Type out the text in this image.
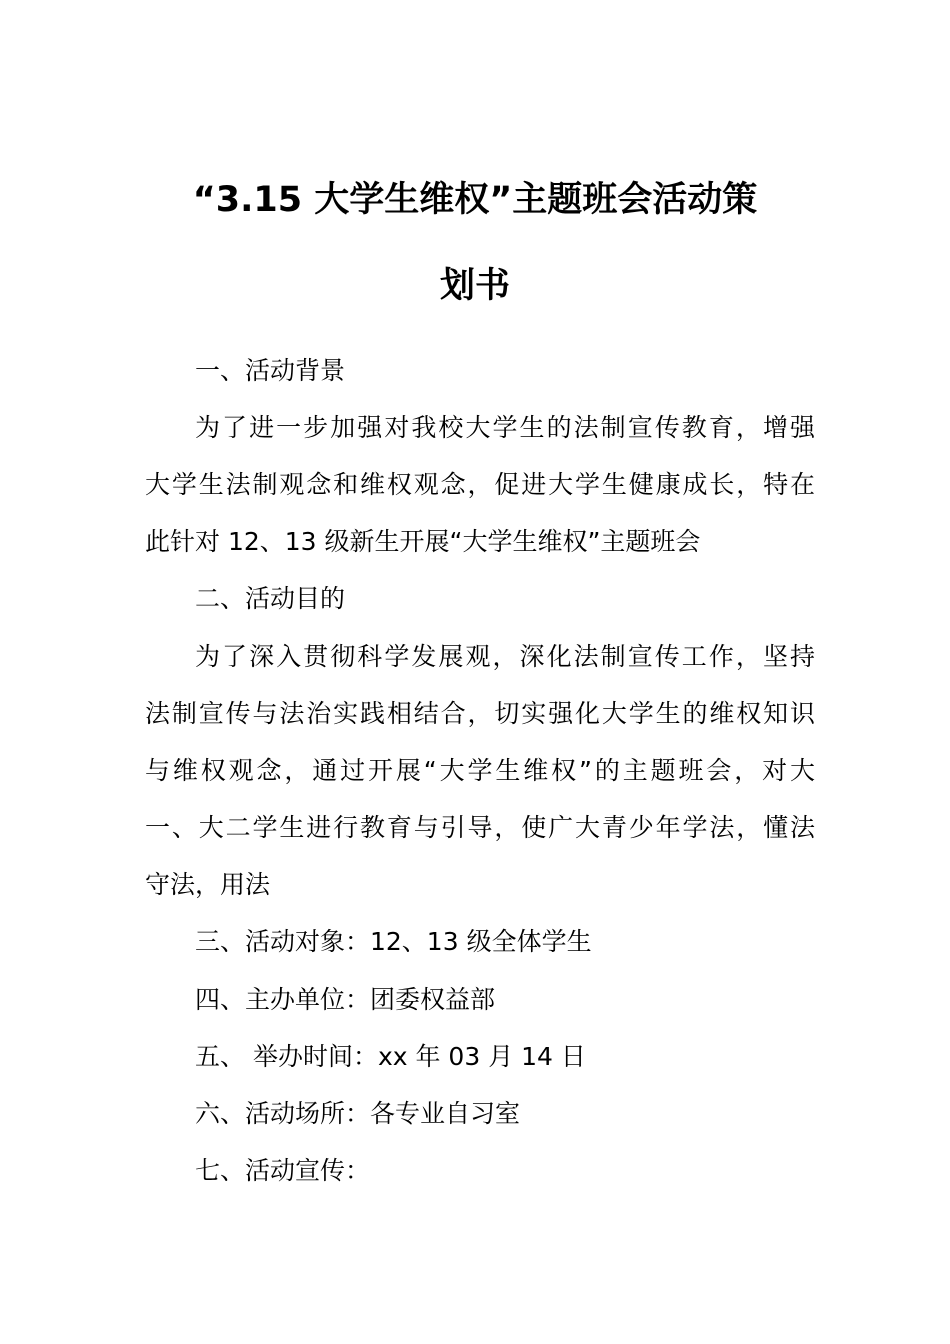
“3.15 大学生维权”主题班会活动策
划书
一、活动背景
为了进一步加强对我校大学生的法制宣传教育，增强
大学生法制观念和维权观念，促进大学生健康成长，特在
此针对 12、13 级新生开展“大学生维权”主题班会
二、活动目的
为了深入贯彻科学发展观，深化法制宣传工作，坚持
法制宣传与法治实践相结合，切实强化大学生的维权知识
与维权观念，通过开展“大学生维权”的主题班会，对大
一、大二学生进行教育与引导，使广大青少年学法，懂法
守法，用法
三、活动对象：12、13 级全体学生
四、主办单位：团委权益部
五、 举办时间：xx 年 03 月 14 日
六、活动场所：各专业自习室
七、活动宣传：
